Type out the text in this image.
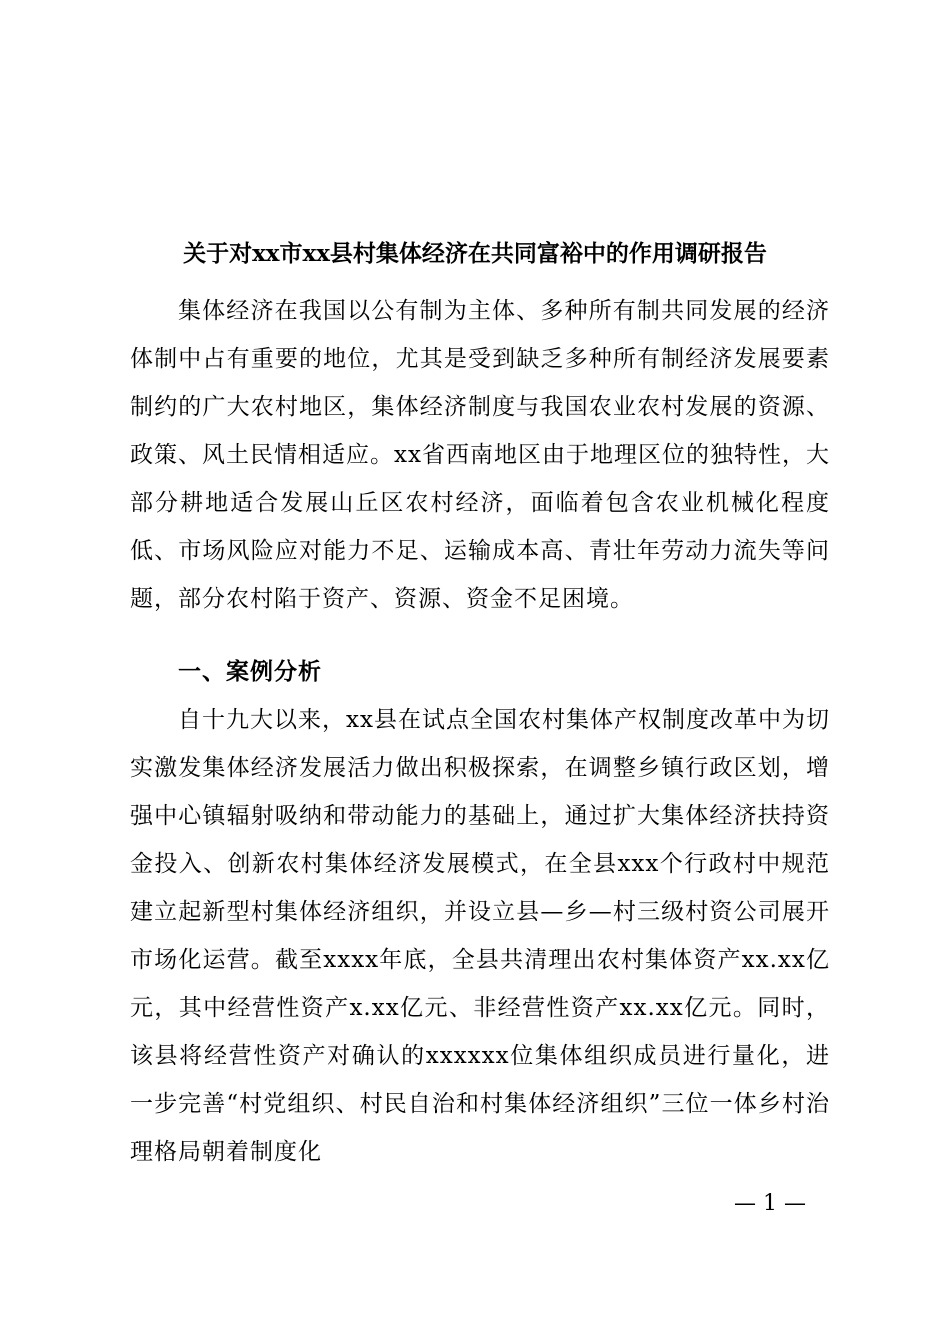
关于对xx市xx县村集体经济在共同富裕中的作用调研报告
集体经济在我国以公有制为主体、多种所有制共同发展的经济体制中占有重要的地位，尤其是受到缺乏多种所有制经济发展要素制约的广大农村地区，集体经济制度与我国农业农村发展的资源、政策、风土民情相适应。xx省西南地区由于地理区位的独特性，大部分耕地适合发展山丘区农村经济，面临着包含农业机械化程度低、市场风险应对能力不足、运输成本高、青壮年劳动力流失等问题，部分农村陷于资产、资源、资金不足困境。
一、案例分析
自十九大以来，xx县在试点全国农村集体产权制度改革中为切实激发集体经济发展活力做出积极探索，在调整乡镇行政区划，增强中心镇辐射吸纳和带动能力的基础上，通过扩大集体经济扶持资金投入、创新农村集体经济发展模式，在全县xxx个行政村中规范建立起新型村集体经济组织，并设立县—乡—村三级村资公司展开市场化运营。截至xxxx年底，全县共清理出农村集体资产xx.xx亿元，其中经营性资产x.xx亿元、非经营性资产xx.xx亿元。同时，该县将经营性资产对确认的xxxxxx位集体组织成员进行量化，进一步完善“村党组织、村民自治和村集体经济组织”三位一体乡村治理格局朝着制度化
— 1 —
